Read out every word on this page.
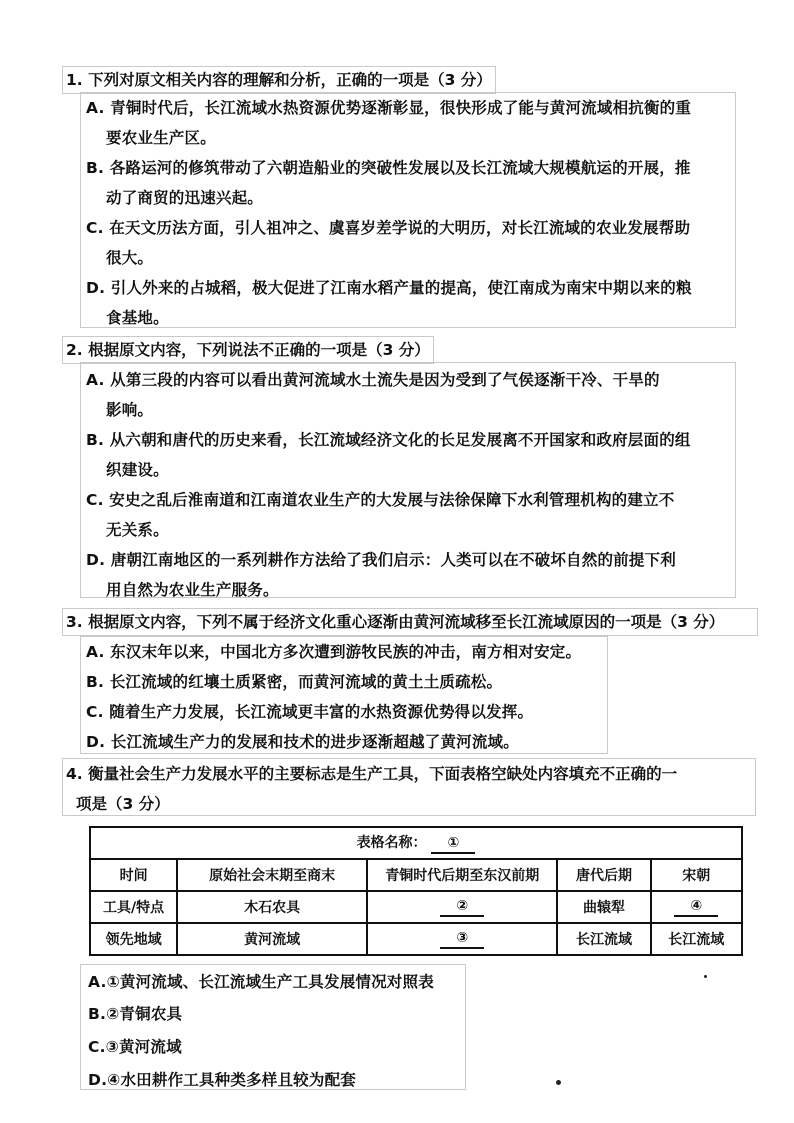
1. 下列对原文相关内容的理解和分析，正确的一项是（3 分）
A. 青铜时代后，长江流域水热资源优势逐渐彰显，很快形成了能与黄河流域相抗衡的重
要农业生产区。
B. 各路运河的修筑带动了六朝造船业的突破性发展以及长江流域大规模航运的开展，推
动了商贸的迅速兴起。
C. 在天文历法方面，引人祖冲之、虞喜岁差学说的大明历，对长江流域的农业发展帮助
很大。
D. 引人外来的占城稻，极大促进了江南水稻产量的提高，使江南成为南宋中期以来的粮
食基地。
2. 根据原文内容，下列说法不正确的一项是（3 分）
A. 从第三段的内容可以看出黄河流域水土流失是因为受到了气侯逐渐干冷、干旱的
影响。
B. 从六朝和唐代的历史来看，长江流域经济文化的长足发展离不开国家和政府层面的组
织建设。
C. 安史之乱后淮南道和江南道农业生产的大发展与法徐保障下水利管理机构的建立不
无关系。
D. 唐朝江南地区的一系列耕作方法给了我们启示：人类可以在不破坏自然的前提下利
用自然为农业生产服务。
3. 根据原文内容，下列不属于经济文化重心逐渐由黄河流域移至长江流域原因的一项是（3 分）
A. 东汉末年以来，中国北方多次遭到游牧民族的冲击，南方相对安定。
B. 长江流域的红壤土质紧密，而黄河流域的黄土土质疏松。
C. 随着生产力发展，长江流域更丰富的水热资源优势得以发挥。
D. 长江流域生产力的发展和技术的进步逐渐超越了黄河流域。
4. 衡量社会生产力发展水平的主要标志是生产工具，下面表格空缺处内容填充不正确的一
项是（3 分）
表格名称： ①				
时间	原始社会末期至商末	青铜时代后期至东汉前期	唐代后期	宋朝
工具/特点	木石农具	②	曲辕犁	④
领先地域	黄河流域	③	长江流域	长江流域
A.①黄河流域、长江流域生产工具发展情况对照表
B.②青铜农具
C.③黄河流域
D.④水田耕作工具种类多样且较为配套
